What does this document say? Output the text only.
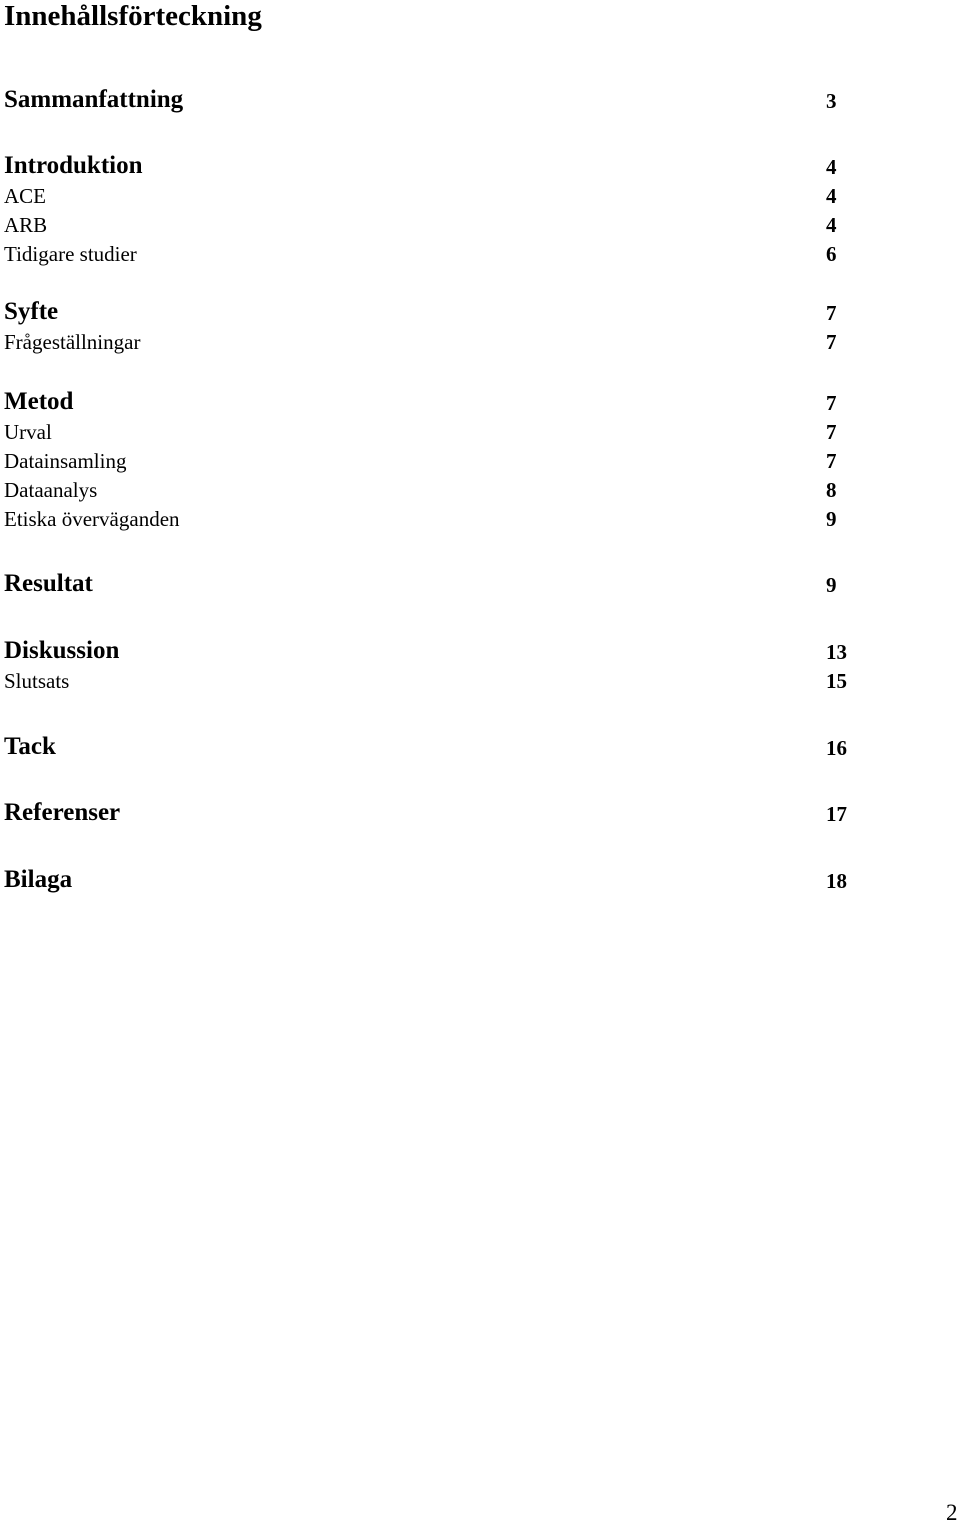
Innehållsförteckning
Sammanfattning	3
Introduktion	4
ACE	4
ARB	4
Tidigare studier	6
Syfte	7
Frågeställningar	7
Metod	7
Urval	7
Datainsamling	7
Dataanalys	8
Etiska överväganden	9
Resultat	9
Diskussion	13
Slutsats	15
Tack	16
Referenser	17
Bilaga	18
2
